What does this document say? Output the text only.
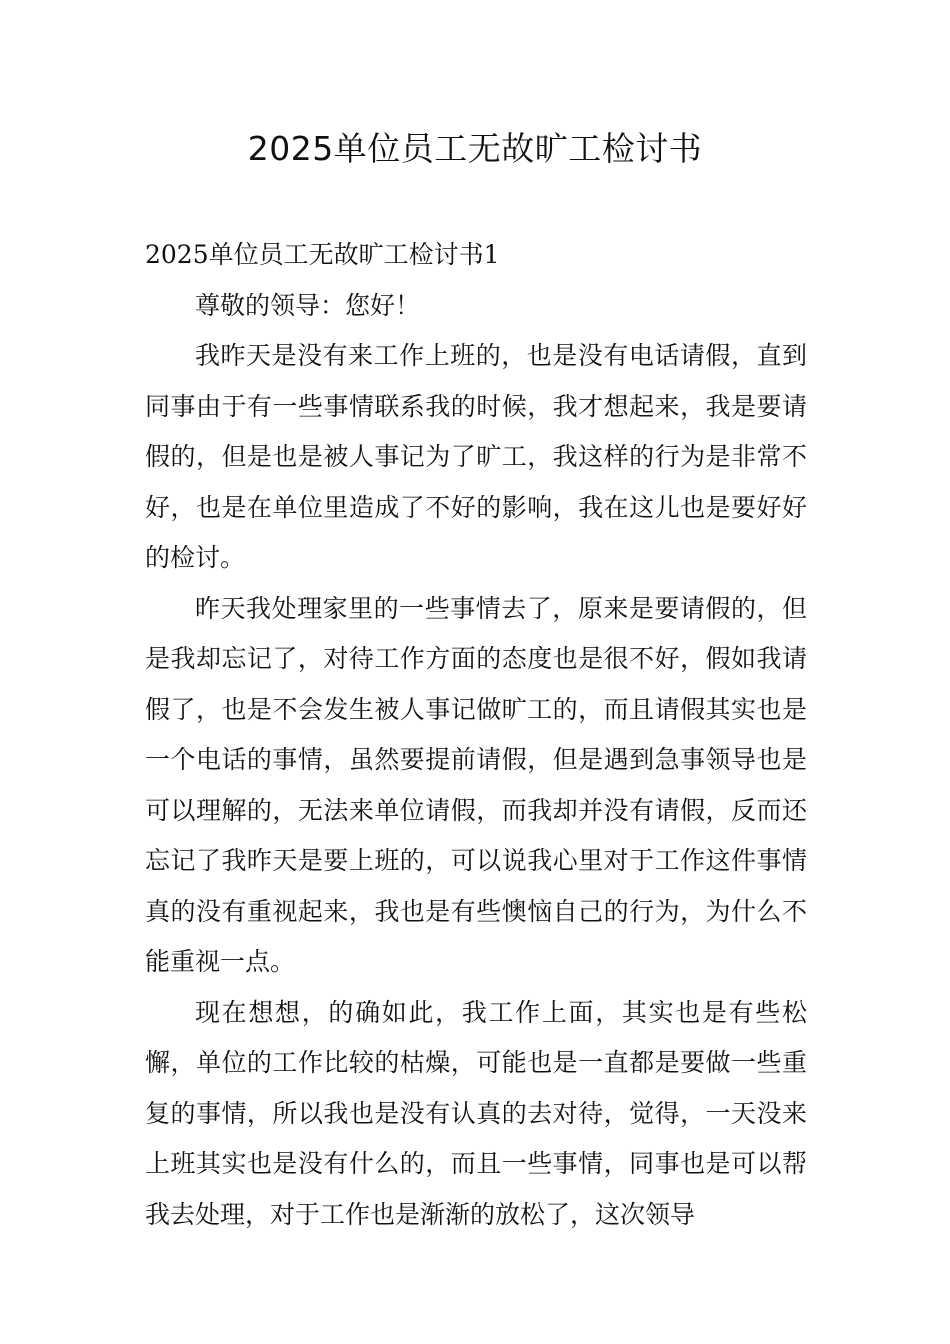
2025单位员工无故旷工检讨书

2025单位员工无故旷工检讨书1

尊敬的领导：您好！

我昨天是没有来工作上班的，也是没有电话请假，直到同事由于有一些事情联系我的时候，我才想起来，我是要请假的，但是也是被人事记为了旷工，我这样的行为是非常不好，也是在单位里造成了不好的影响，我在这儿也是要好好的检讨。

昨天我处理家里的一些事情去了，原来是要请假的，但是我却忘记了，对待工作方面的态度也是很不好，假如我请假了，也是不会发生被人事记做旷工的，而且请假其实也是一个电话的事情，虽然要提前请假，但是遇到急事领导也是可以理解的，无法来单位请假，而我却并没有请假，反而还忘记了我昨天是要上班的，可以说我心里对于工作这件事情真的没有重视起来，我也是有些懊恼自己的行为，为什么不能重视一点。

现在想想，的确如此，我工作上面，其实也是有些松懈，单位的工作比较的枯燥，可能也是一直都是要做一些重复的事情，所以我也是没有认真的去对待，觉得，一天没来上班其实也是没有什么的，而且一些事情，同事也是可以帮我去处理，对于工作也是渐渐的放松了，这次领导
